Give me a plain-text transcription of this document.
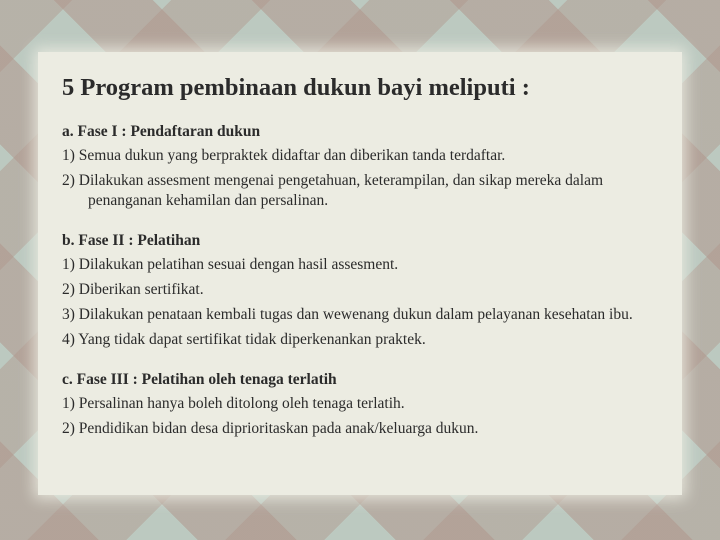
5 Program pembinaan dukun bayi meliputi :
a. Fase I : Pendaftaran dukun
1) Semua dukun yang berpraktek didaftar dan diberikan tanda terdaftar.
2) Dilakukan assesment mengenai pengetahuan, keterampilan, dan sikap mereka dalam penanganan kehamilan dan persalinan.
b. Fase II : Pelatihan
1) Dilakukan pelatihan sesuai dengan hasil assesment.
2) Diberikan sertifikat.
3) Dilakukan penataan kembali tugas dan wewenang dukun dalam pelayanan kesehatan ibu.
4) Yang tidak dapat sertifikat tidak diperkenankan praktek.
c. Fase III : Pelatihan oleh tenaga terlatih
1) Persalinan hanya boleh ditolong oleh tenaga terlatih.
2) Pendidikan bidan desa diprioritaskan pada anak/keluarga dukun.
